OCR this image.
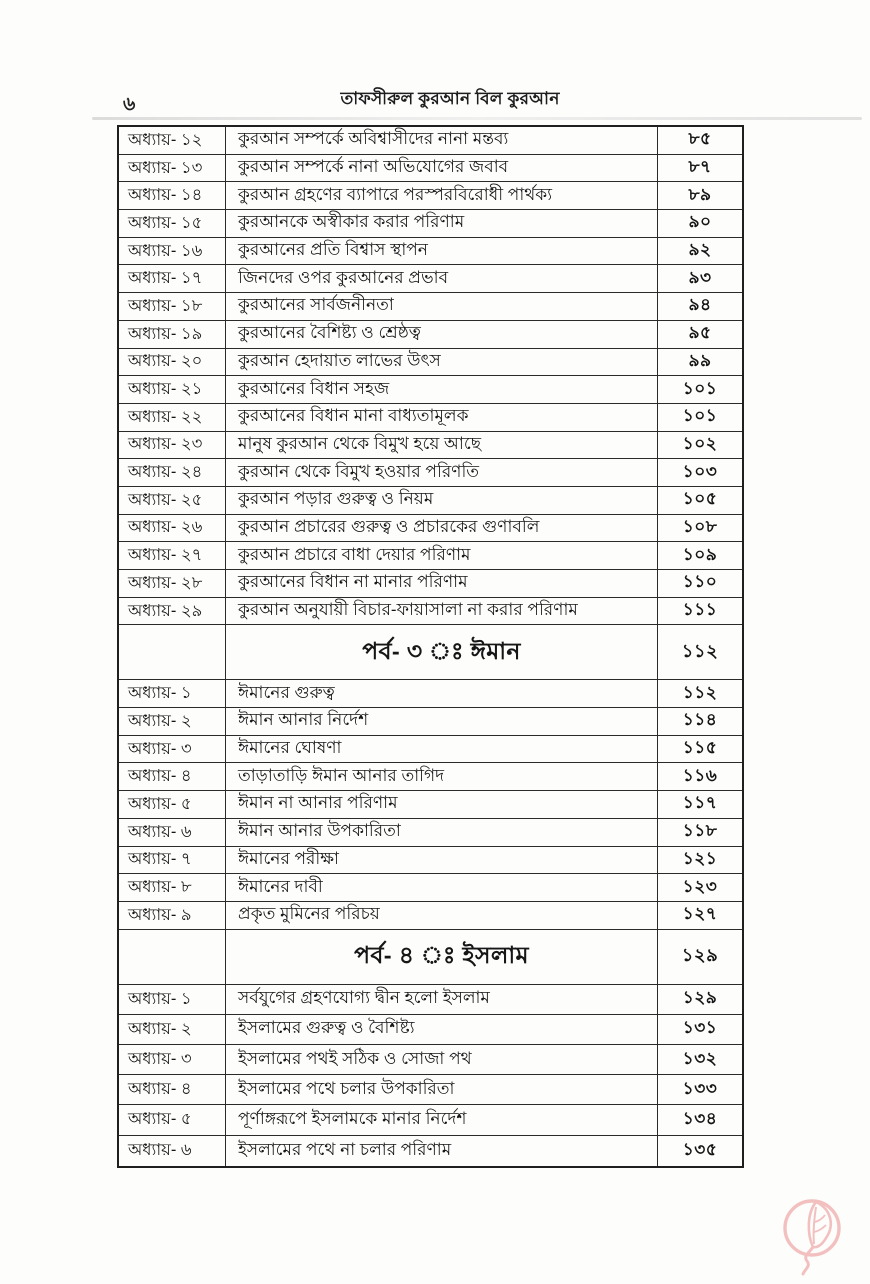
৬	তাফসীরুল কুরআন বিল কুরআন
অধ্যায়- ১২	কুরআন সম্পর্কে অবিশ্বাসীদের নানা মন্তব্য	৮৫
অধ্যায়- ১৩	কুরআন সম্পর্কে নানা অভিযোগের জবাব	৮৭
অধ্যায়- ১৪	কুরআন গ্রহণের ব্যাপারে পরস্পরবিরোধী পার্থক্য	৮৯
অধ্যায়- ১৫	কুরআনকে অস্বীকার করার পরিণাম	৯০
অধ্যায়- ১৬	কুরআনের প্রতি বিশ্বাস স্থাপন	৯২
অধ্যায়- ১৭	জিনদের ওপর কুরআনের প্রভাব	৯৩
অধ্যায়- ১৮	কুরআনের সার্বজনীনতা	৯৪
অধ্যায়- ১৯	কুরআনের বৈশিষ্ট্য ও শ্রেষ্ঠত্ব	৯৫
অধ্যায়- ২০	কুরআন হেদায়াত লাভের উৎস	৯৯
অধ্যায়- ২১	কুরআনের বিধান সহজ	১০১
অধ্যায়- ২২	কুরআনের বিধান মানা বাধ্যতামূলক	১০১
অধ্যায়- ২৩	মানুষ কুরআন থেকে বিমুখ হয়ে আছে	১০২
অধ্যায়- ২৪	কুরআন থেকে বিমুখ হওয়ার পরিণতি	১০৩
অধ্যায়- ২৫	কুরআন পড়ার গুরুত্ব ও নিয়ম	১০৫
অধ্যায়- ২৬	কুরআন প্রচারের গুরুত্ব ও প্রচারকের গুণাবলি	১০৮
অধ্যায়- ২৭	কুরআন প্রচারে বাধা দেয়ার পরিণাম	১০৯
অধ্যায়- ২৮	কুরআনের বিধান না মানার পরিণাম	১১০
অধ্যায়- ২৯	কুরআন অনুযায়ী বিচার-ফায়াসালা না করার পরিণাম	১১১
পর্ব- ৩ ঃ ঈমান	১১২
অধ্যায়- ১	ঈমানের গুরুত্ব	১১২
অধ্যায়- ২	ঈমান আনার নির্দেশ	১১৪
অধ্যায়- ৩	ঈমানের ঘোষণা	১১৫
অধ্যায়- ৪	তাড়াতাড়ি ঈমান আনার তাগিদ	১১৬
অধ্যায়- ৫	ঈমান না আনার পরিণাম	১১৭
অধ্যায়- ৬	ঈমান আনার উপকারিতা	১১৮
অধ্যায়- ৭	ঈমানের পরীক্ষা	১২১
অধ্যায়- ৮	ঈমানের দাবী	১২৩
অধ্যায়- ৯	প্রকৃত মুমিনের পরিচয়	১২৭
পর্ব- ৪ ঃ ইসলাম	১২৯
অধ্যায়- ১	সর্বযুগের গ্রহণযোগ্য দ্বীন হলো ইসলাম	১২৯
অধ্যায়- ২	ইসলামের গুরুত্ব ও বৈশিষ্ট্য	১৩১
অধ্যায়- ৩	ইসলামের পথই সঠিক ও সোজা পথ	১৩২
অধ্যায়- ৪	ইসলামের পথে চলার উপকারিতা	১৩৩
অধ্যায়- ৫	পূর্ণাঙ্গরূপে ইসলামকে মানার নির্দেশ	১৩৪
অধ্যায়- ৬	ইসলামের পথে না চলার পরিণাম	১৩৫
